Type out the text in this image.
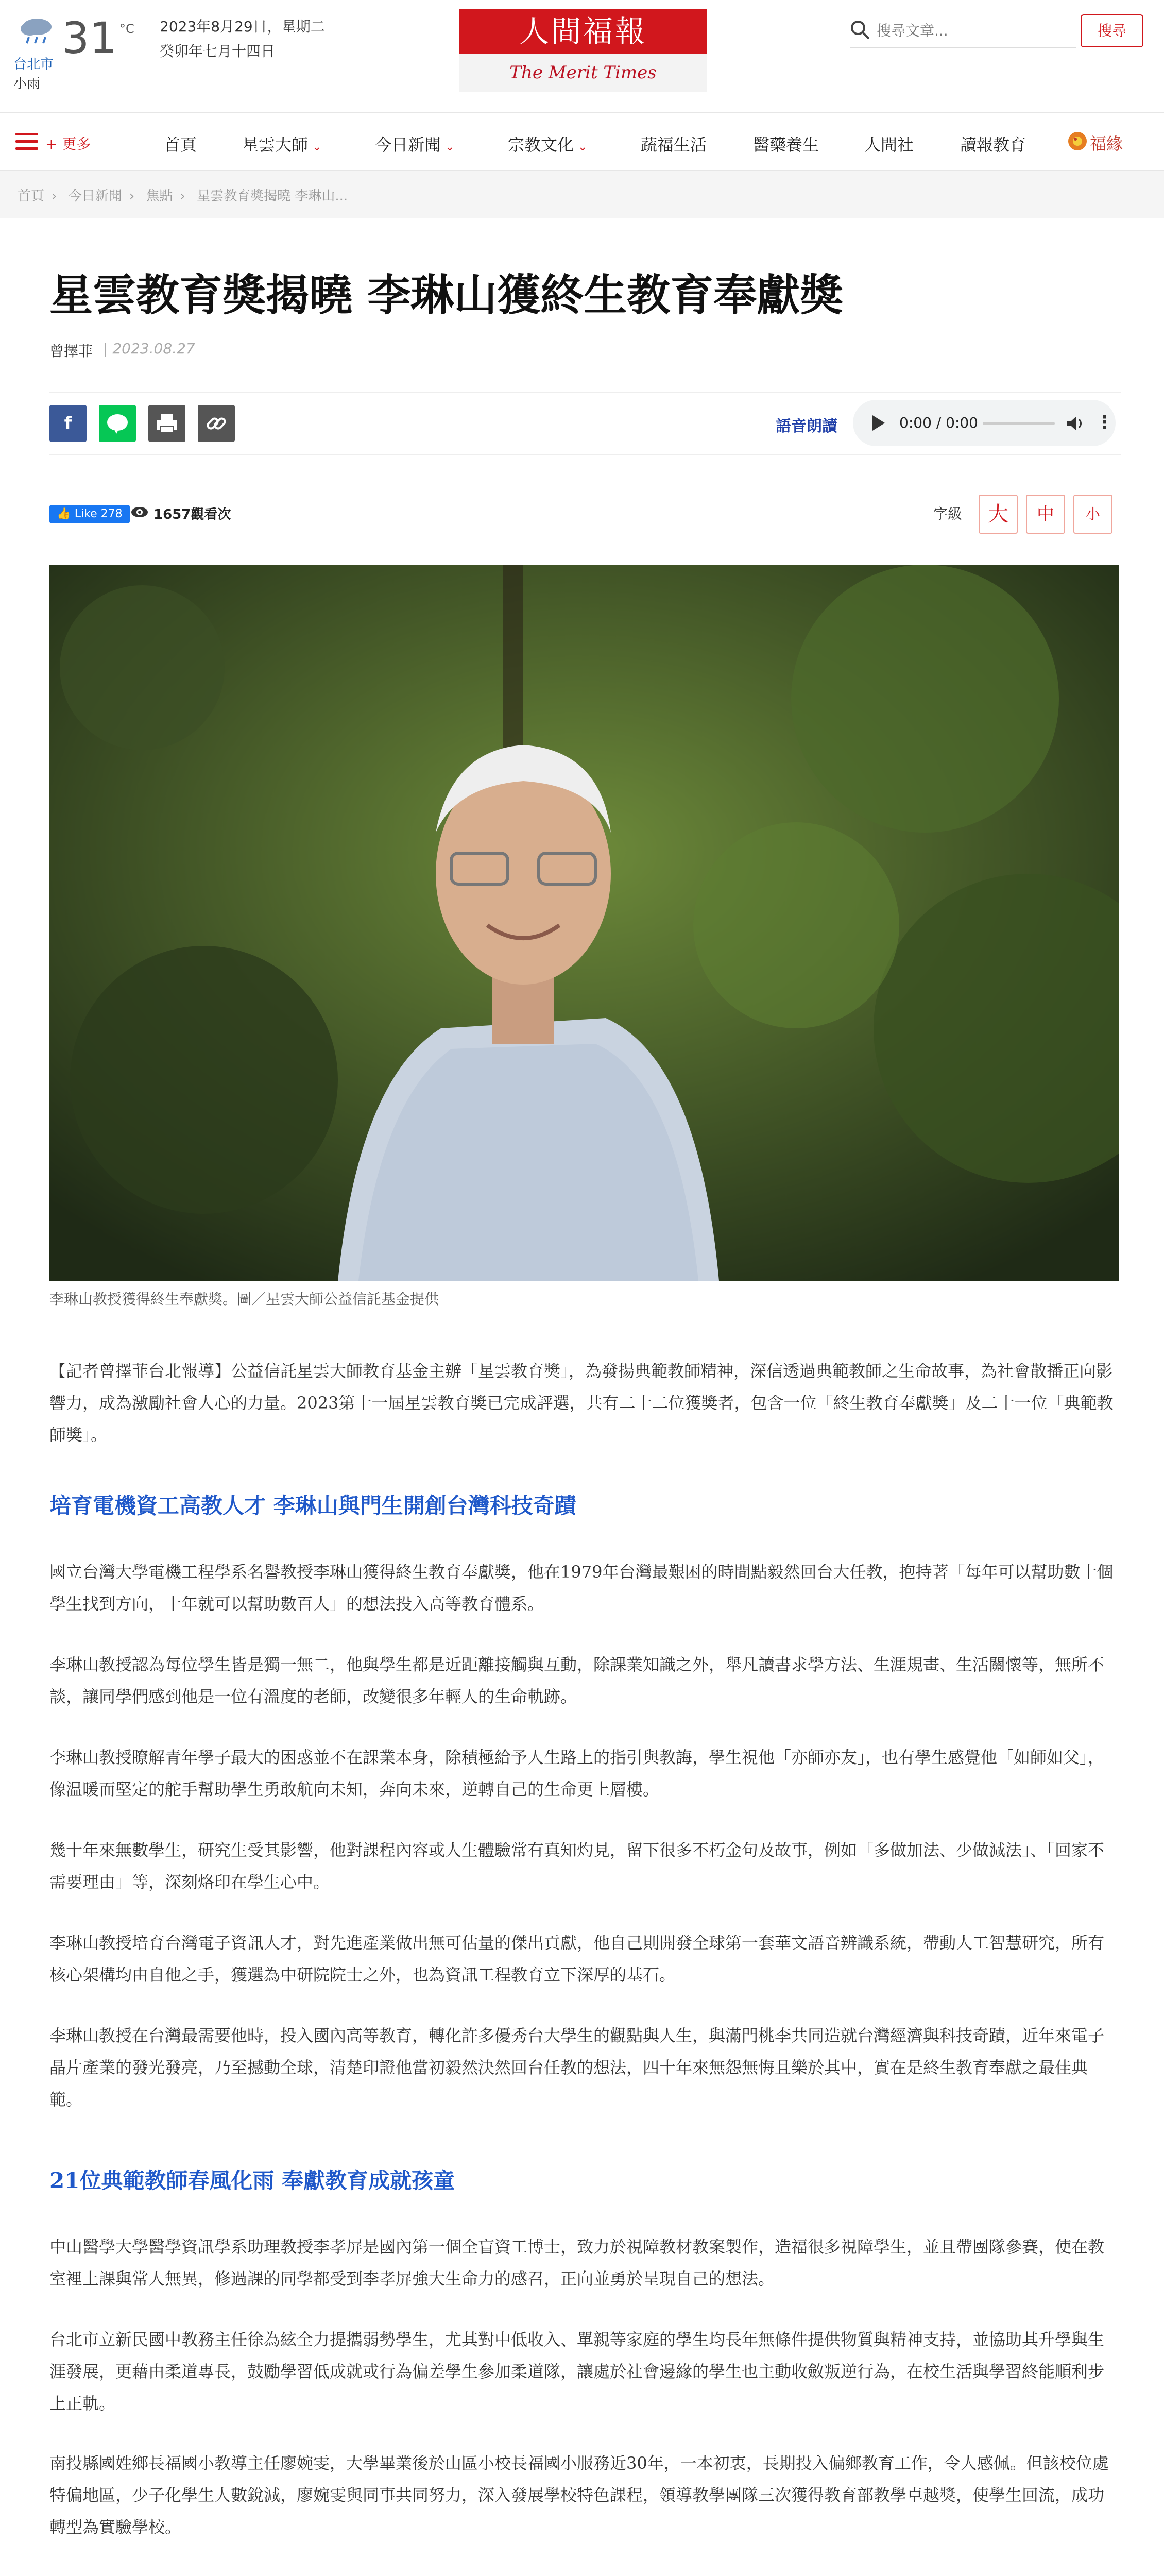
31 °C
台北市
小雨
2023年8月29日，星期二
癸卯年七月十四日
人間福報
The Merit Times
搜尋文章...
搜尋
+ 更多	首頁	星雲大師 ⌄	今日新聞 ⌄	宗教文化 ⌄	蔬福生活	醫藥養生	人間社	讀報教育	福緣
首頁 › 今日新聞 › 焦點 › 星雲教育獎揭曉 李琳山...
星雲教育獎揭曉 李琳山獲終生教育奉獻獎
曾擇菲 | 2023.08.27
f	語音朗讀	0:00 / 0:00	⋮
👍 Like 278	1657觀看次	字級	大	中	小
李琳山教授獲得終生奉獻獎。圖／星雲大師公益信託基金提供
【記者曾擇菲台北報導】公益信託星雲大師教育基金主辦「星雲教育獎」，為發揚典範教師精神，深信透過典範教師之生命故事，為社會散播正向影響力，成為激勵社會人心的力量。2023第十一屆星雲教育獎已完成評選，共有二十二位獲獎者，包含一位「終生教育奉獻獎」及二十一位「典範教師獎」。
培育電機資工高教人才 李琳山與門生開創台灣科技奇蹟
國立台灣大學電機工程學系名譽教授李琳山獲得終生教育奉獻獎，他在1979年台灣最艱困的時間點毅然回台大任教，抱持著「每年可以幫助數十個學生找到方向，十年就可以幫助數百人」的想法投入高等教育體系。
李琳山教授認為每位學生皆是獨一無二，他與學生都是近距離接觸與互動，除課業知識之外，舉凡讀書求學方法、生涯規畫、生活關懷等，無所不談，讓同學們感到他是一位有溫度的老師，改變很多年輕人的生命軌跡。
李琳山教授瞭解青年學子最大的困惑並不在課業本身，除積極給予人生路上的指引與教誨，學生視他「亦師亦友」，也有學生感覺他「如師如父」，像温暖而堅定的舵手幫助學生勇敢航向未知，奔向未來，逆轉自己的生命更上層樓。
幾十年來無數學生，研究生受其影響，他對課程內容或人生體驗常有真知灼見，留下很多不朽金句及故事，例如「多做加法、少做減法」、「回家不需要理由」等，深刻烙印在學生心中。
李琳山教授培育台灣電子資訊人才，對先進產業做出無可估量的傑出貢獻，他自己則開發全球第一套華文語音辨識系統，帶動人工智慧研究，所有核心架構均由自他之手，獲選為中研院院士之外，也為資訊工程教育立下深厚的基石。
李琳山教授在台灣最需要他時，投入國內高等教育，轉化許多優秀台大學生的觀點與人生，與滿門桃李共同造就台灣經濟與科技奇蹟，近年來電子晶片產業的發光發亮，乃至撼動全球，清楚印證他當初毅然決然回台任教的想法，四十年來無怨無悔且樂於其中，實在是終生教育奉獻之最佳典範。
21位典範教師春風化雨 奉獻教育成就孩童
中山醫學大學醫學資訊學系助理教授李孝屏是國內第一個全盲資工博士，致力於視障教材教案製作，造福很多視障學生，並且帶團隊參賽，使在教室裡上課與常人無異，修過課的同學都受到李孝屏強大生命力的感召，正向並勇於呈現自己的想法。
台北市立新民國中教務主任徐為絃全力提攜弱勢學生，尤其對中低收入、單親等家庭的學生均長年無條件提供物質與精神支持，並協助其升學與生涯發展，更藉由柔道專長，鼓勵學習低成就或行為偏差學生參加柔道隊，讓處於社會邊緣的學生也主動收斂叛逆行為，在校生活與學習終能順利步上正軌。
南投縣國姓鄉長福國小教導主任廖婉雯，大學畢業後於山區小校長福國小服務近30年，一本初衷，長期投入偏鄉教育工作，令人感佩。但該校位處特偏地區，少子化學生人數銳減，廖婉雯與同事共同努力，深入發展學校特色課程，領導教學團隊三次獲得教育部教學卓越獎，使學生回流，成功轉型為實驗學校。
